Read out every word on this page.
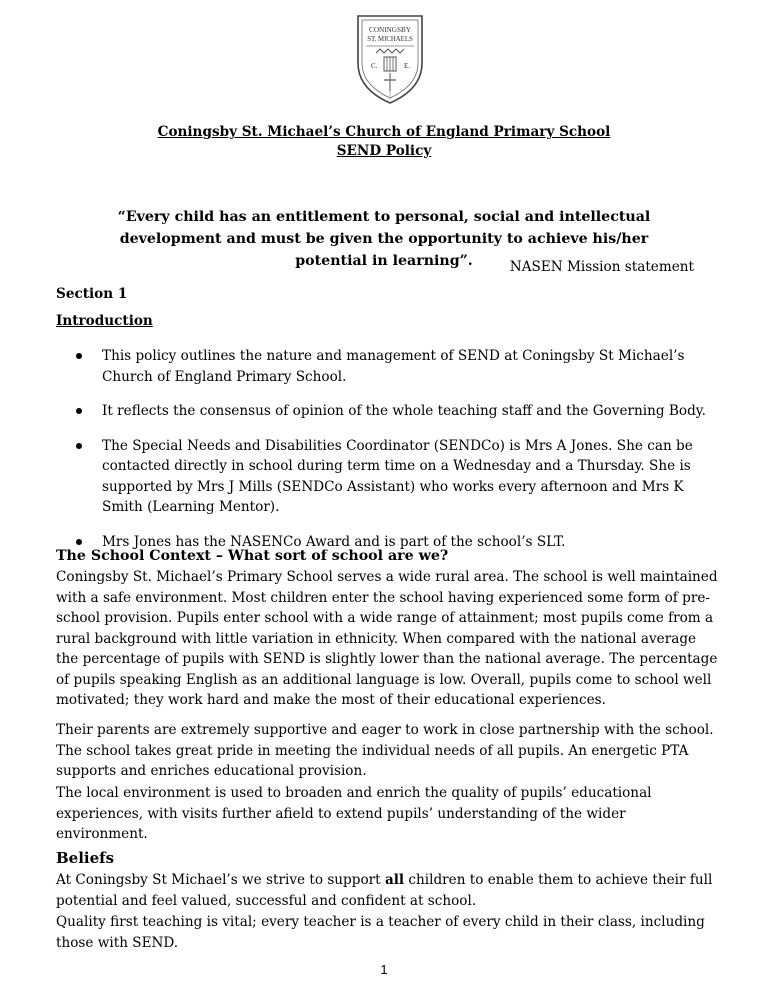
CONINGSBY
ST. MICHAELS
C.	E.
Coningsby St. Michael’s Church of England Primary School
SEND Policy
“Every child has an entitlement to personal, social and intellectual development and must be given the opportunity to achieve his/her potential in learning”.	NASEN Mission statement
Section 1
Introduction
This policy outlines the nature and management of SEND at Coningsby St Michael’s Church of England Primary School.
It reflects the consensus of opinion of the whole teaching staff and the Governing Body.
The Special Needs and Disabilities Coordinator (SENDCo) is Mrs A Jones. She can be contacted directly in school during term time on a Wednesday and a Thursday. She is supported by Mrs J Mills (SENDCo Assistant) who works every afternoon and Mrs K Smith (Learning Mentor).
Mrs Jones has the NASENCo Award and is part of the school’s SLT.
The School Context – What sort of school are we?

Coningsby St. Michael’s Primary School serves a wide rural area. The school is well maintained with a safe environment. Most children enter the school having experienced some form of pre-school provision. Pupils enter school with a wide range of attainment; most pupils come from a rural background with little variation in ethnicity. When compared with the national average the percentage of pupils with SEND is slightly lower than the national average. The percentage of pupils speaking English as an additional language is low. Overall, pupils come to school well motivated; they work hard and make the most of their educational experiences.

Their parents are extremely supportive and eager to work in close partnership with the school. The school takes great pride in meeting the individual needs of all pupils. An energetic PTA supports and enriches educational provision.

The local environment is used to broaden and enrich the quality of pupils’ educational experiences, with visits further afield to extend pupils’ understanding of the wider environment.

Beliefs

At Coningsby St Michael’s we strive to support all children to enable them to achieve their full potential and feel valued, successful and confident at school.

Quality first teaching is vital; every teacher is a teacher of every child in their class, including those with SEND.

1
